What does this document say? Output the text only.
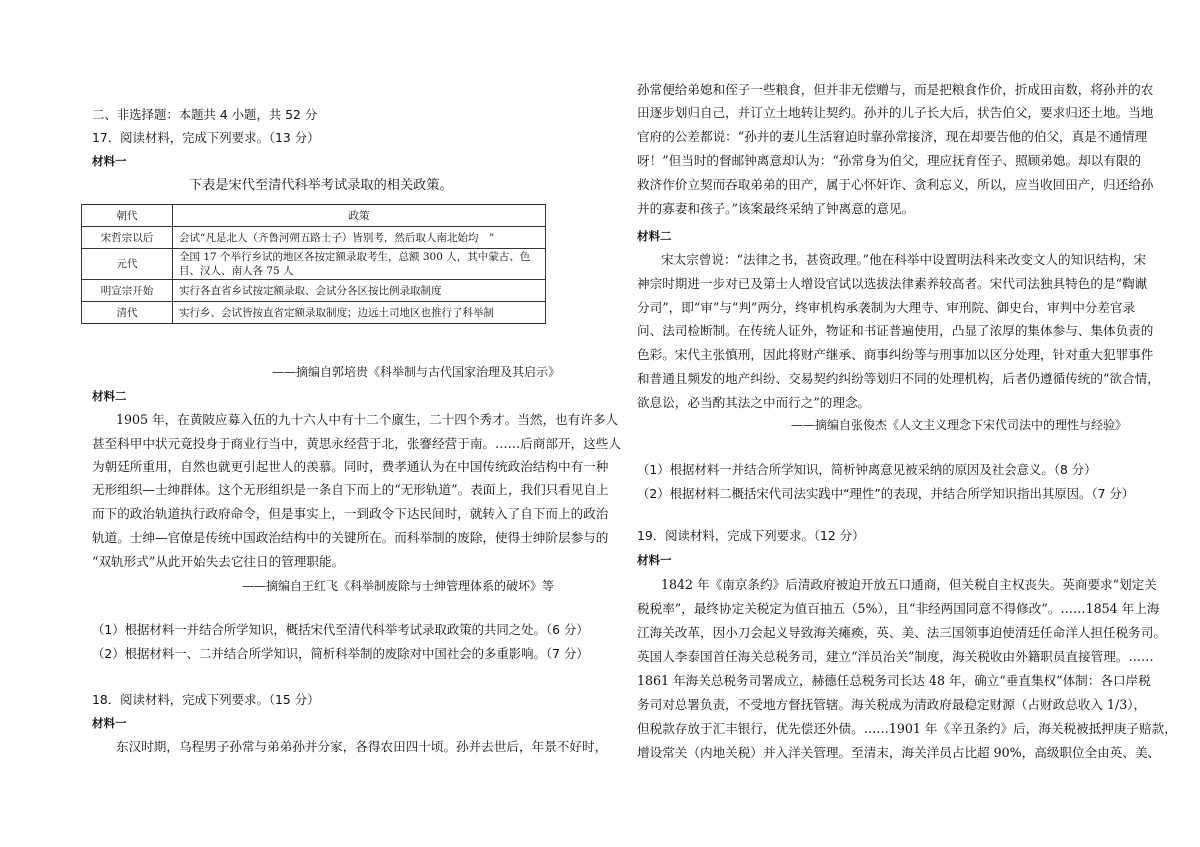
二、非选择题：本题共 4 小题，共 52 分
17．阅读材料，完成下列要求。（13 分）
材料一
下表是宋代至清代科举考试录取的相关政策。
朝代	政策
宋哲宗以后	会试“凡是北人（齐鲁河朔五路士子）皆别考，然后取人南北始均　”
元代	全国 17 个举行乡试的地区各按定额录取考生，总额 300 人，其中蒙古、色目、汉人、南人各 75 人
明宣宗开始	实行各直省乡试按定额录取、会试分各区按比例录取制度
清代	实行乡、会试皆按直省定额录取制度；边远土司地区也推行了科举制
——摘编自郭培贵《科举制与古代国家治理及其启示》
材料二
1905 年，在黄陂应募入伍的九十六人中有十二个廪生，二十四个秀才。当然，也有许多人
甚至科甲中状元竟投身于商业行当中，黄思永经营于北，张謇经营于南。……后商部开，这些人
为朝廷所重用，自然也就更引起世人的羡慕。同时，费孝通认为在中国传统政治结构中有一种
无形组织—士绅群体。这个无形组织是一条自下而上的“无形轨道”。表面上，我们只看见自上
而下的政治轨道执行政府命令，但是事实上，一到政令下达民间时，就转入了自下而上的政治
轨道。士绅—官僚是传统中国政治结构中的关键所在。而科举制的废除，使得士绅阶层参与的
“双轨形式”从此开始失去它往日的管理职能。
——摘编自王红飞《科举制废除与士绅管理体系的破坏》等
（1）根据材料一并结合所学知识，概括宋代至清代科举考试录取政策的共同之处。（6 分）
（2）根据材料一、二并结合所学知识，简析科举制的废除对中国社会的多重影响。（7 分）
18．阅读材料，完成下列要求。（15 分）
材料一
东汉时期，乌程男子孙常与弟弟孙并分家，各得农田四十顷。孙并去世后，年景不好时，
孙常便给弟媳和侄子一些粮食，但并非无偿赠与，而是把粮食作价，折成田亩数，将孙并的农
田逐步划归自己，并订立土地转让契约。孙并的儿子长大后，状告伯父，要求归还土地。当地
官府的公差都说：“孙并的妻儿生活窘迫时靠孙常接济，现在却要告他的伯父，真是不通情理
呀！”但当时的督邮钟离意却认为：“孙常身为伯父，理应抚育侄子、照顾弟媳。却以有限的
救济作价立契而吞取弟弟的田产，属于心怀奸诈、贪利忘义，所以，应当收回田产，归还给孙
并的寡妻和孩子。”该案最终采纳了钟离意的意见。
材料二
宋太宗曾说：“法律之书，甚资政理。”他在科举中设置明法科来改变文人的知识结构，宋
神宗时期进一步对已及第士人增设官试以选拔法律素养较高者。宋代司法独具特色的是“鞫谳
分司”，即“审”与“判”两分，终审机构承袭制为大理寺、审刑院、御史台，审判中分差官录
问、法司检断制。在传统人证外，物证和书证普遍使用，凸显了浓厚的集体参与、集体负责的
色彩。宋代主张慎刑，因此将财产继承、商事纠纷等与刑事加以区分处理，针对重大犯罪事件
和普通且频发的地产纠纷、交易契约纠纷等划归不同的处理机构，后者仍遵循传统的“欲合情，
欲息讼，必当酌其法之中而行之”的理念。
——摘编自张俊杰《人文主义理念下宋代司法中的理性与经验》
（1）根据材料一并结合所学知识，简析钟离意见被采纳的原因及社会意义。（8 分）
（2）根据材料二概括宋代司法实践中“理性”的表现，并结合所学知识指出其原因。（7 分）
19．阅读材料，完成下列要求。（12 分）
材料一
1842 年《南京条约》后清政府被迫开放五口通商，但关税自主权丧失。英商要求“划定关
税税率”，最终协定关税定为值百抽五（5%），且“非经两国同意不得修改”。……1854 年上海
江海关改革，因小刀会起义导致海关瘫痪，英、美、法三国领事迫使清廷任命洋人担任税务司。
英国人李泰国首任海关总税务司，建立“洋员治关”制度，海关税收由外籍职员直接管理。……
1861 年海关总税务司署成立，赫德任总税务司长达 48 年，确立“垂直集权”体制：各口岸税
务司对总署负责，不受地方督抚管辖。海关税成为清政府最稳定财源（占财政总收入 1/3），
但税款存放于汇丰银行，优先偿还外债。……1901 年《辛丑条约》后，海关税被抵押庚子赔款，
增设常关（内地关税）并入洋关管理。至清末，海关洋员占比超 90%，高级职位全由英、美、
